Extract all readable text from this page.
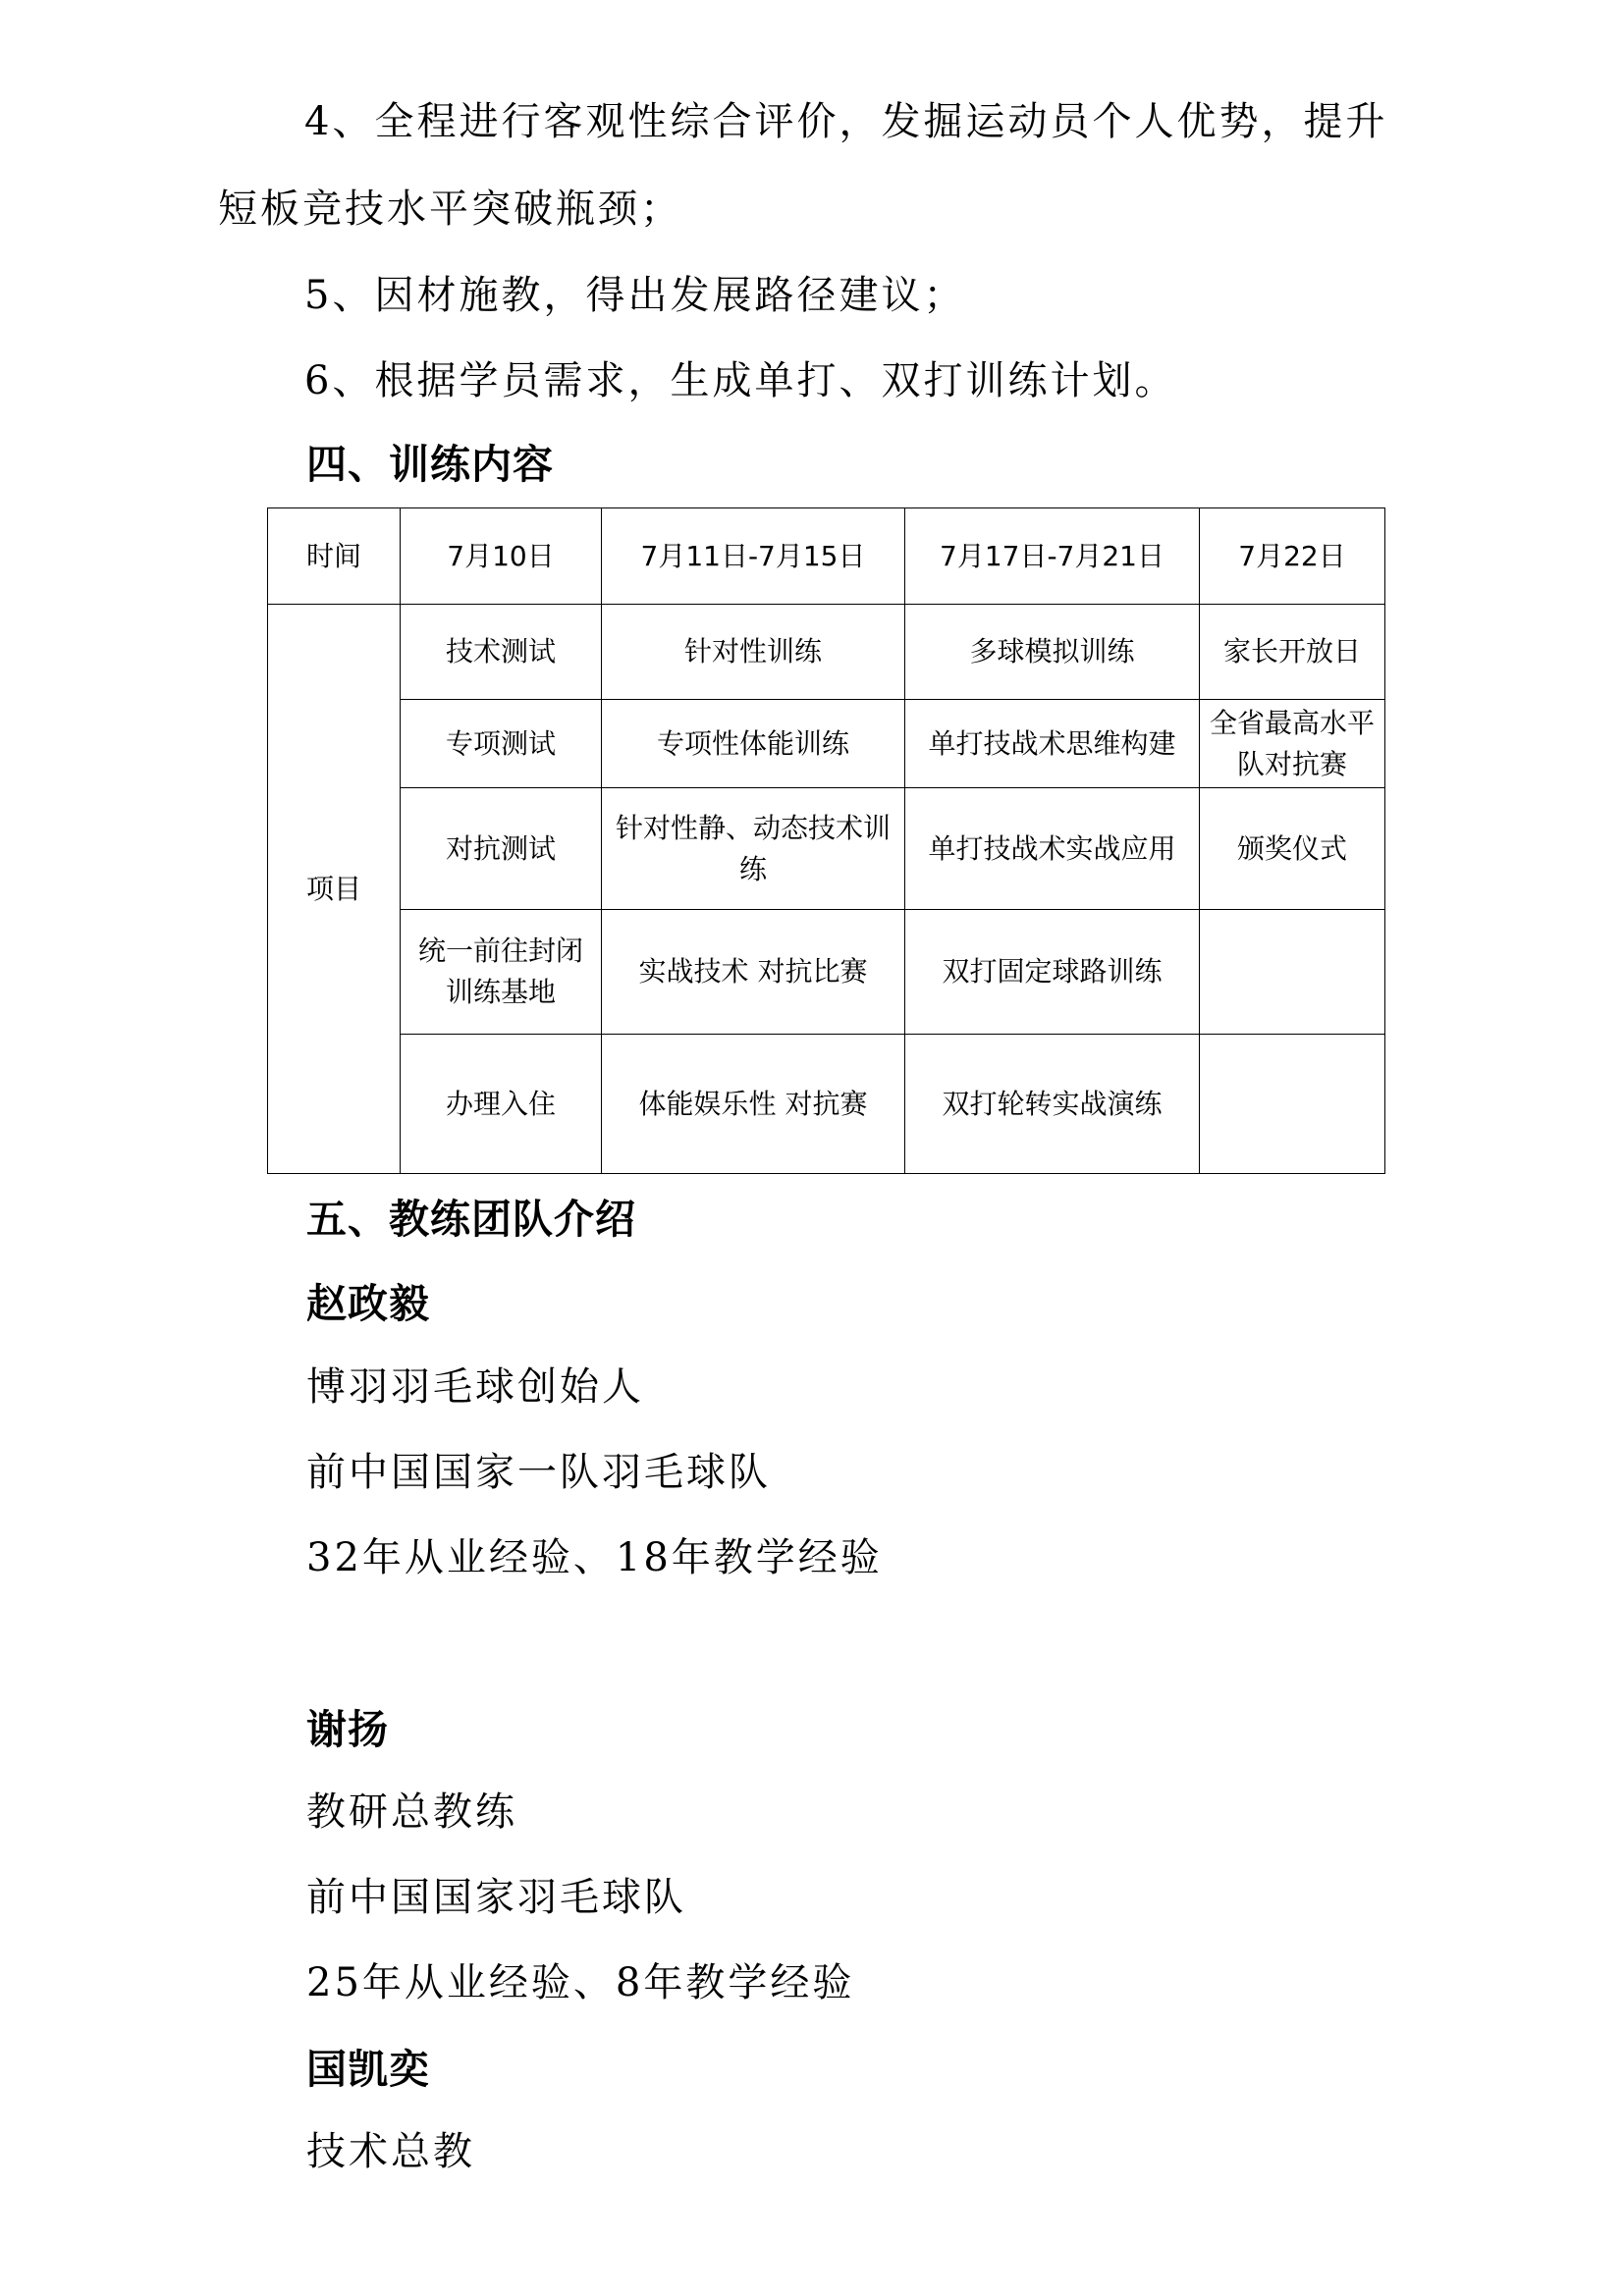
4、全程进行客观性综合评价，发掘运动员个人优势，提升
短板竞技水平突破瓶颈；
5、因材施教，得出发展路径建议；
6、根据学员需求，生成单打、双打训练计划。
四、训练内容
时间	7月10日	7月11日-7月15日	7月17日-7月21日	7月22日
项目	技术测试	针对性训练	多球模拟训练	家长开放日
	专项测试	专项性体能训练	单打技战术思维构建	全省最高水平队对抗赛
	对抗测试	针对性静、动态技术训练	单打技战术实战应用	颁奖仪式
	统一前往封闭训练基地	实战技术 对抗比赛	双打固定球路训练	
	办理入住	体能娱乐性 对抗赛	双打轮转实战演练	
五、教练团队介绍
赵政毅
博羽羽毛球创始人
前中国国家一队羽毛球队
32年从业经验、18年教学经验
谢扬
教研总教练
前中国国家羽毛球队
25年从业经验、8年教学经验
国凯奕
技术总教
